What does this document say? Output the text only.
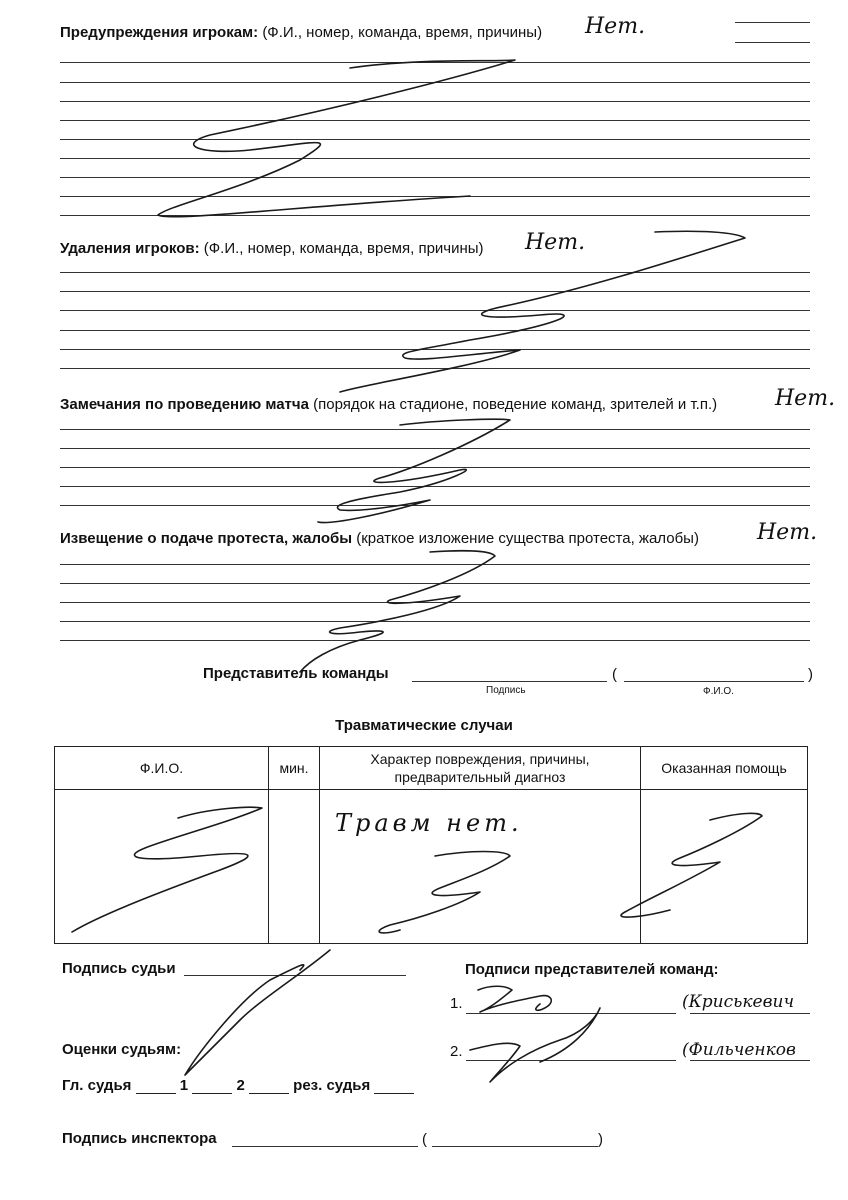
Предупреждения игрокам: (Ф.И., номер, команда, время, причины) Нет.
Удаления игроков: (Ф.И., номер, команда, время, причины) Нет.
Замечания по проведению матча (порядок на стадионе, поведение команд, зрителей и т.п.)	Нет.
Извещение о подаче протеста, жалобы (краткое изложение существа протеста, жалобы)	Нет.
Представитель команды	(	)
Подпись	Ф.И.О.
Травматические случаи
Ф.И.О.	мин.	Характер повреждения, причины, предварительный диагноз	Оказанная помощь

		Травм нет.	

Подпись судьи	Подписи представителей команд:
1.	(Криськевич
2.	(Фильченков
Оценки судьям:
Гл. судья	1	2	рез. судья
Подпись инспектора	(	)
